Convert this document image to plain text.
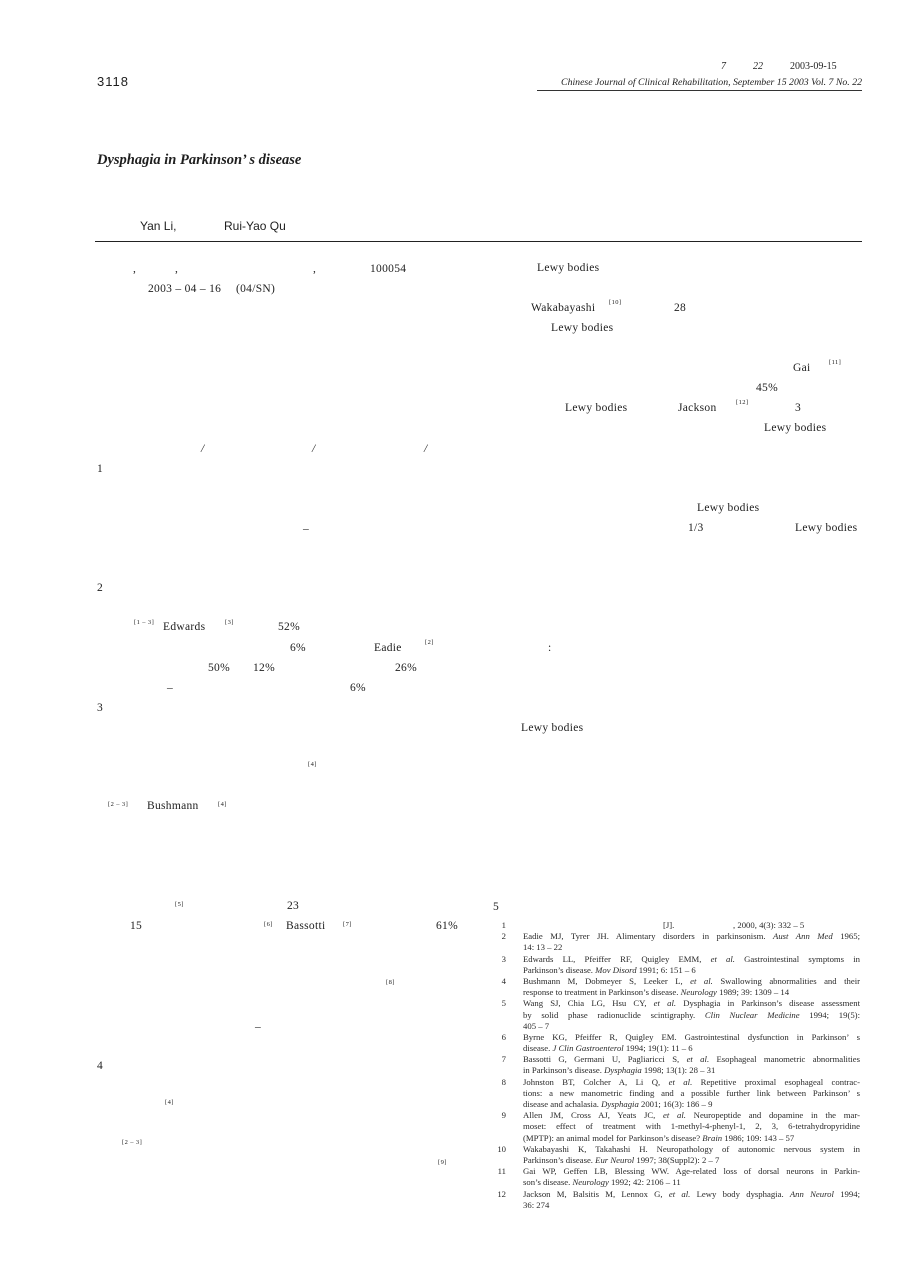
3118
7	22	2003-09-15
Chinese Journal of Clinical Rehabilitation, September 15 2003 Vol. 7 No. 22
Dysphagia in Parkinson’ s disease
Yan Li,	Rui-Yao Qu
,	,	,	100054
2003 – 04 – 16 (04/SN)
/	/	/
1
–
2
[1 – 3] Edwards	[3]	52%
6%	Eadie	[2]
50% 12%	26%
–	6%
3
[4]
[2 – 3] Bushmann	[4]
[5]	23
15	[6] Bassotti	[7]	61%
[8]
–
4
[4]
[2 – 3]
[9]
Lewy bodies
Wakabayashi [10]	28
Lewy bodies
Gai	[11]
45%
Lewy bodies	Jackson	[12]	3
Lewy bodies
Lewy bodies
1/3	Lewy bodies
:
Lewy bodies
5
1	[J].	, 2000, 4(3): 332 – 5
2 Eadie MJ, Tyrer JH. Alimentary disorders in parkinsonism. Aust Ann Med 1965;
14: 13 – 22
3 Edwards LL, Pfeiffer RF, Quigley EMM, et al. Gastrointestinal symptoms in
Parkinson’s disease. Mov Disord 1991; 6: 151 – 6
4 Bushmann M, Dobmeyer S, Leeker L, et al. Swallowing abnormalities and their
response to treatment in Parkinson’s disease. Neurology 1989; 39: 1309 – 14
5 Wang SJ, Chia LG, Hsu CY, et al. Dysphagia in Parkinson’s disease assessment
by solid phase radionuclide scintigraphy. Clin Nuclear Medicine 1994; 19(5):
405 – 7
6 Byrne KG, Pfeiffer R, Quigley EM. Gastrointestinal dysfunction in Parkinson’ s
disease. J Clin Gastroenterol 1994; 19(1): 11 – 6
7 Bassotti G, Germani U, Pagliaricci S, et al. Esophageal manometric abnormalities
in Parkinson’s disease. Dysphagia 1998; 13(1): 28 – 31
8 Johnston BT, Colcher A, Li Q, et al. Repetitive proximal esophageal contrac-
tions: a new manometric finding and a possible further link between Parkinson’ s
disease and achalasia. Dysphagia 2001; 16(3): 186 – 9
9 Allen JM, Cross AJ, Yeats JC, et al. Neuropeptide and dopamine in the mar-
moset: effect of treatment with 1-methyl-4-phenyl-1, 2, 3, 6-tetrahydropyridine
(MPTP): an animal model for Parkinson’s disease? Brain 1986; 109: 143 – 57
10 Wakabayashi K, Takahashi H. Neuropathology of autonomic nervous system in
Parkinson’s disease. Eur Neurol 1997; 38(Suppl2): 2 – 7
11 Gai WP, Geffen LB, Blessing WW. Age-related loss of dorsal neurons in Parkin-
son’s disease. Neurology 1992; 42: 2106 – 11
12 Jackson M, Balsitis M, Lennox G, et al. Lewy body dysphagia. Ann Neurol 1994;
36: 274
